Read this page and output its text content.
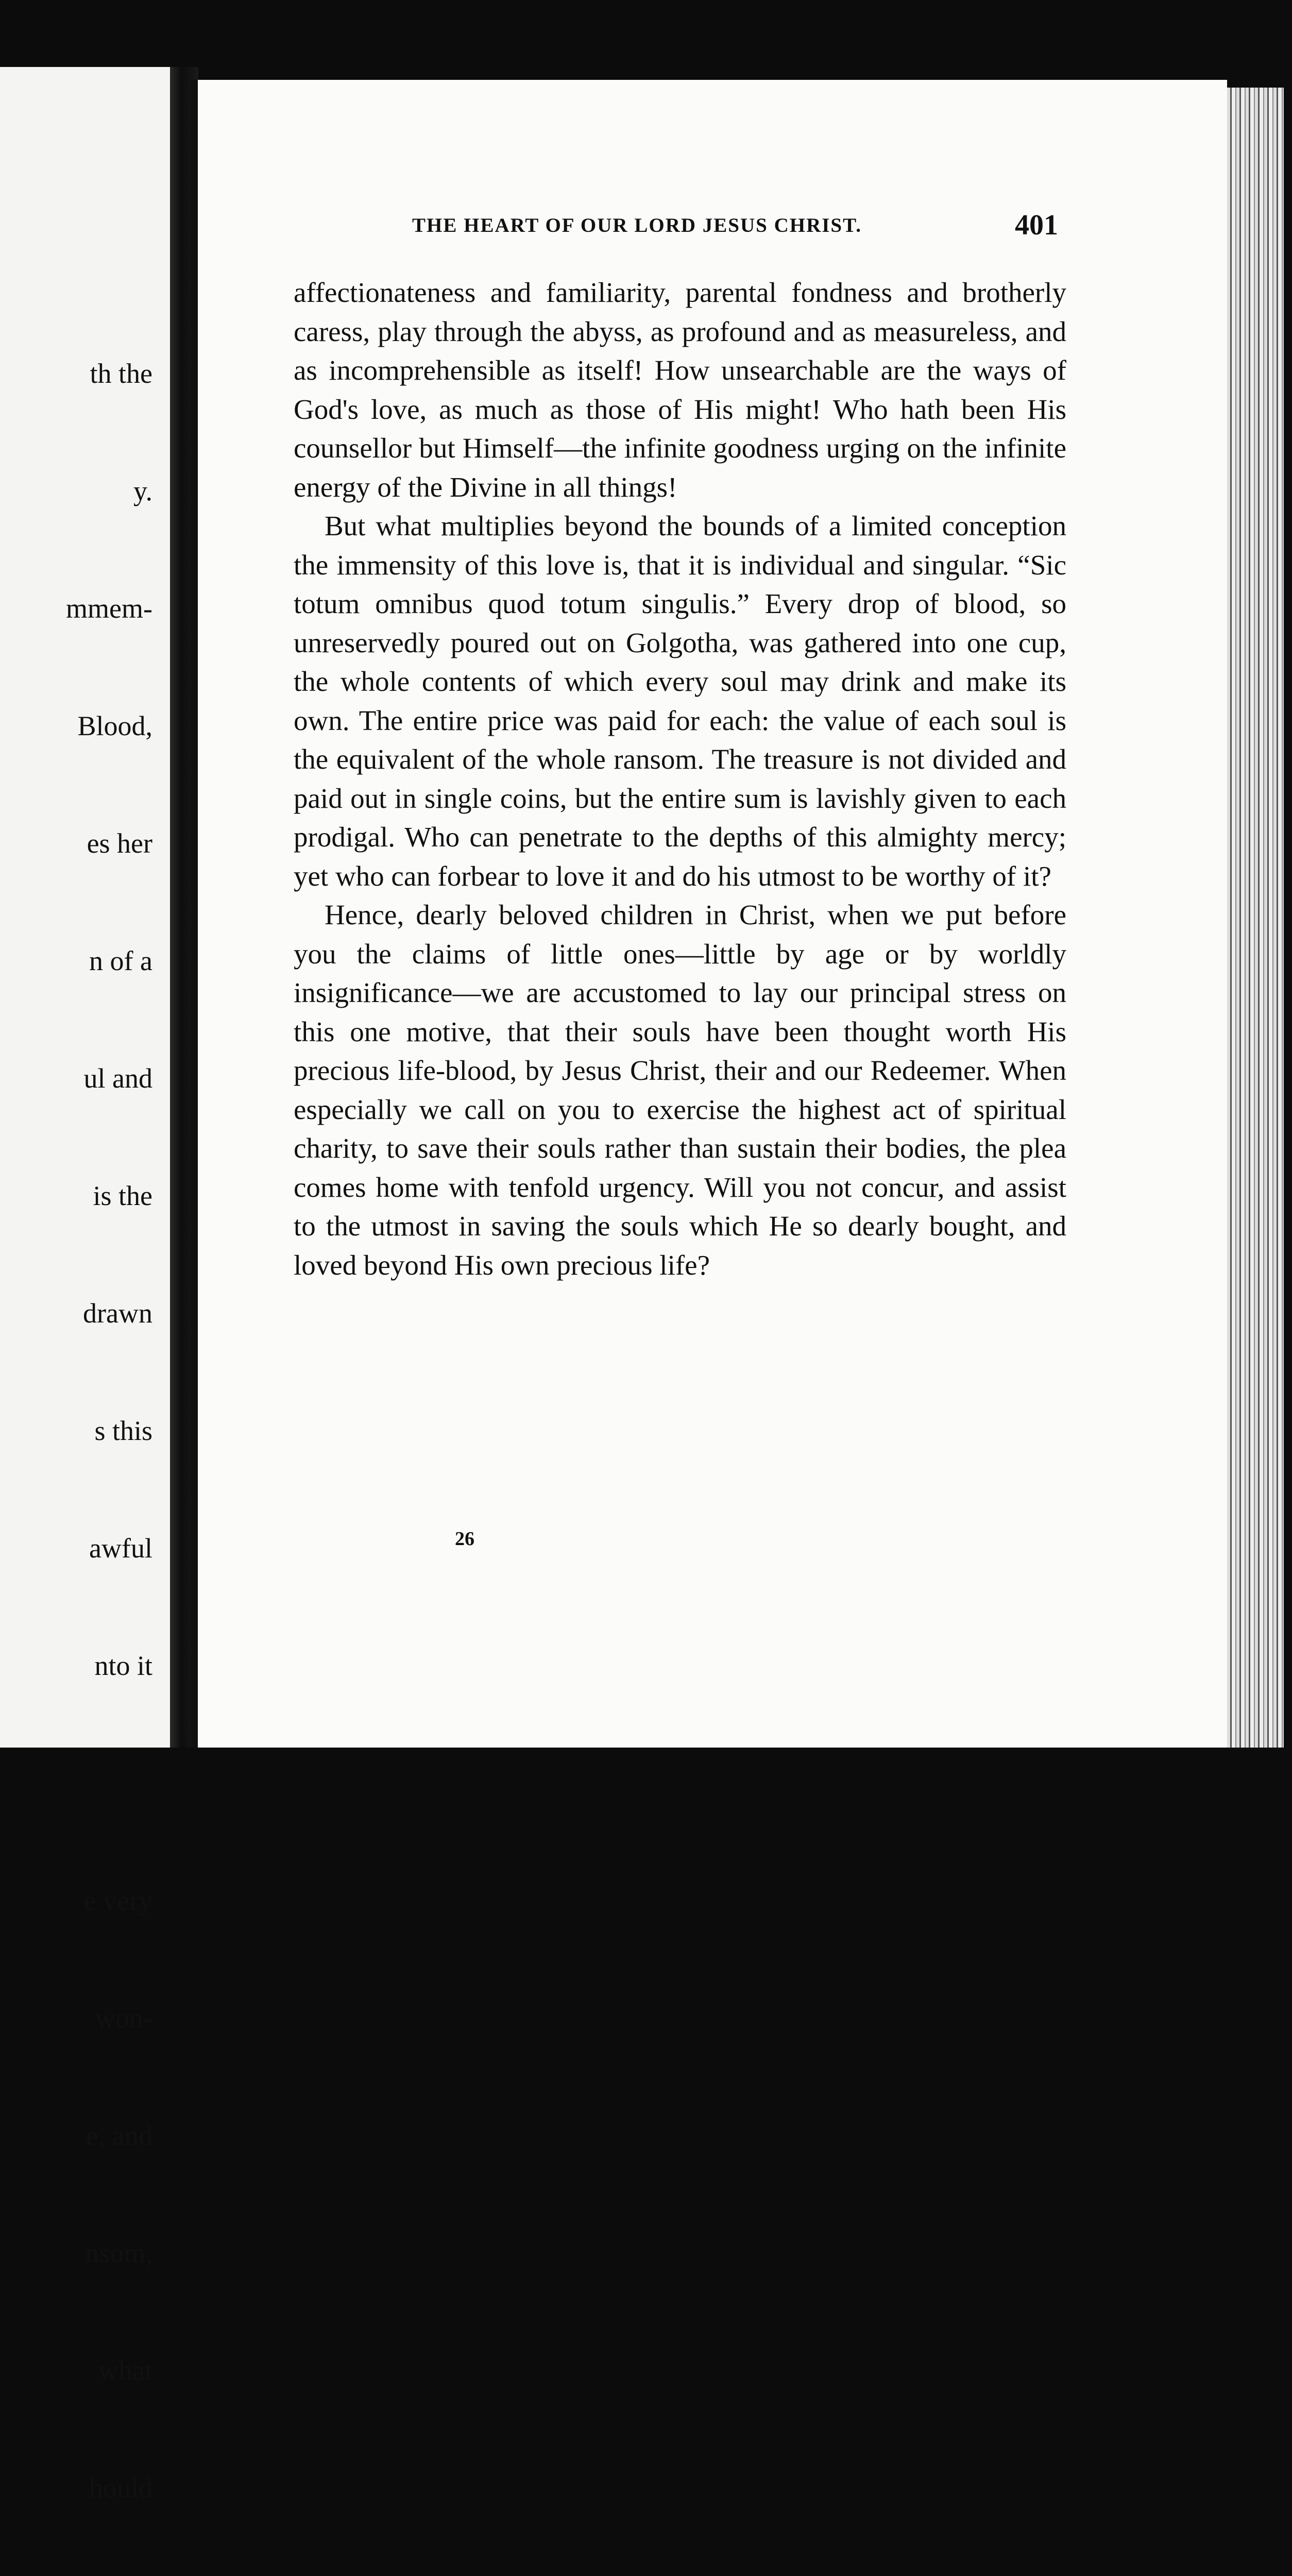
th the

y.

mmem-

Blood,

es her

n of a

ul and

is the

drawn

s this

awful

nto it

e very

won-

e, and

nsom,

what

hould

THE HEART OF OUR LORD JESUS CHRIST.	401

affectionateness and familiarity, parental fondness and brotherly caress, play through the abyss, as profound and as measureless, and as incomprehensible as itself! How unsearchable are the ways of God's love, as much as those of His might! Who hath been His counsellor but Himself—the infinite goodness urging on the infinite energy of the Divine in all things!

But what multiplies beyond the bounds of a limited conception the immensity of this love is, that it is individual and singular. “Sic totum omnibus quod totum singulis.” Every drop of blood, so unreservedly poured out on Golgotha, was gathered into one cup, the whole contents of which every soul may drink and make its own. The entire price was paid for each: the value of each soul is the equivalent of the whole ransom. The treasure is not divided and paid out in single coins, but the entire sum is lavishly given to each prodigal. Who can penetrate to the depths of this almighty mercy; yet who can forbear to love it and do his utmost to be worthy of it?

Hence, dearly beloved children in Christ, when we put before you the claims of little ones—little by age or by worldly insignificance—we are accustomed to lay our principal stress on this one motive, that their souls have been thought worth His precious life-blood, by Jesus Christ, their and our Redeemer. When especially we call on you to exercise the highest act of spiritual charity, to save their souls rather than sustain their bodies, the plea comes home with tenfold urgency. Will you not concur, and assist to the utmost in saving the souls which He so dearly bought, and loved beyond His own precious life?

26
